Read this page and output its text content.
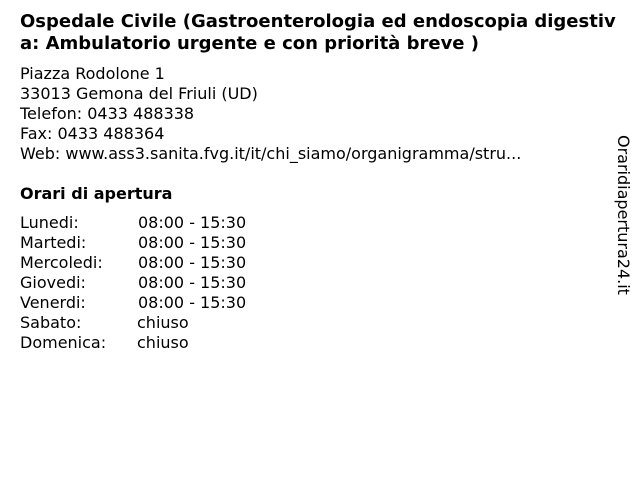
Ospedale Civile (Gastroenterologia ed endoscopia digestiva: Ambulatorio urgente e con priorità breve )
Piazza Rodolone 1
33013 Gemona del Friuli (UD)
Telefon: 0433 488338
Fax: 0433 488364
Web: www.ass3.sanita.fvg.it/it/chi_siamo/organigramma/stru...
Orari di apertura
Lunedi:	08:00 - 15:30
Martedi:	08:00 - 15:30
Mercoledi: 08:00 - 15:30
Giovedi:	08:00 - 15:30
Venerdi:	08:00 - 15:30
Sabato:	chiuso
Domenica: chiuso
Oraridiapertura24.it
